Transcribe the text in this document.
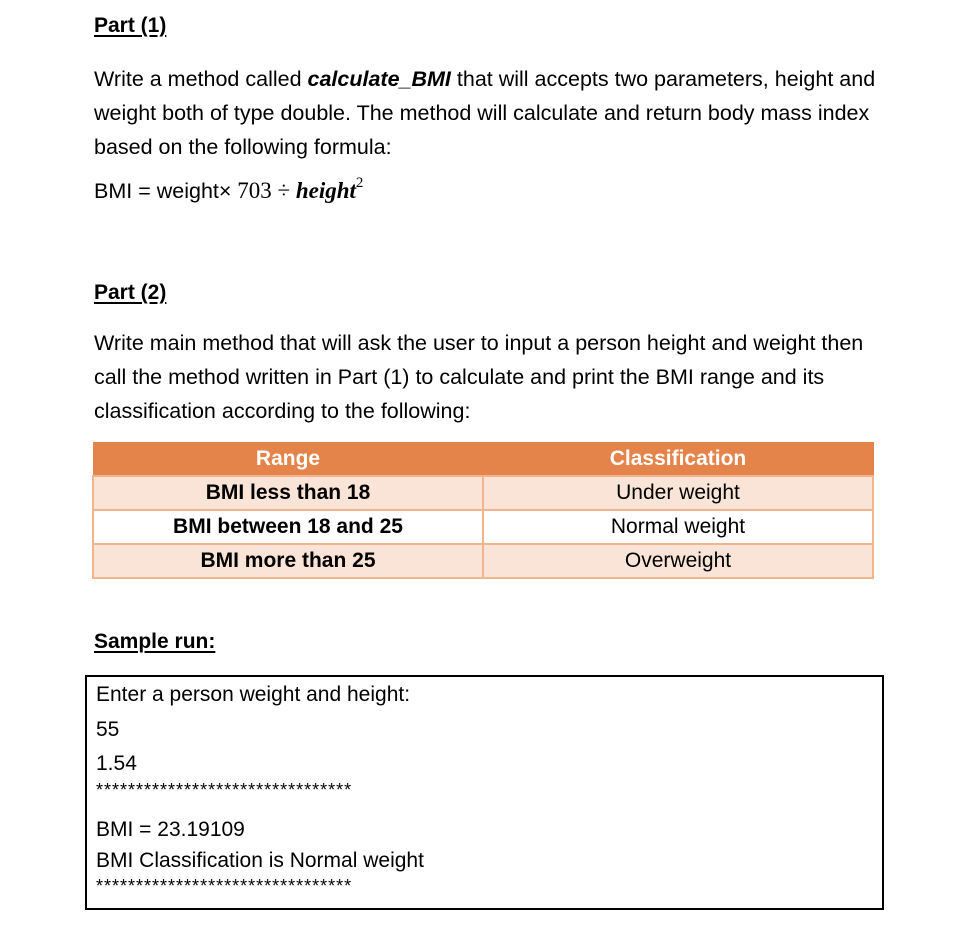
Part (1)
Write a method called calculate_BMI that will accepts two parameters, height and weight both of type double. The method will calculate and return body mass index based on the following formula:
BMI = weight× 703 ÷ height$^2$
Part (2)
Write main method that will ask the user to input a person height and weight then call the method written in Part (1) to calculate and print the BMI range and its classification according to the following:
Range	Classification
BMI less than 18	Under weight
BMI between 18 and 25	Normal weight
BMI more than 25	Overweight
Sample run:
Enter a person weight and height:
55
1.54
********************************
BMI = 23.19109
BMI Classification is Normal weight
********************************
